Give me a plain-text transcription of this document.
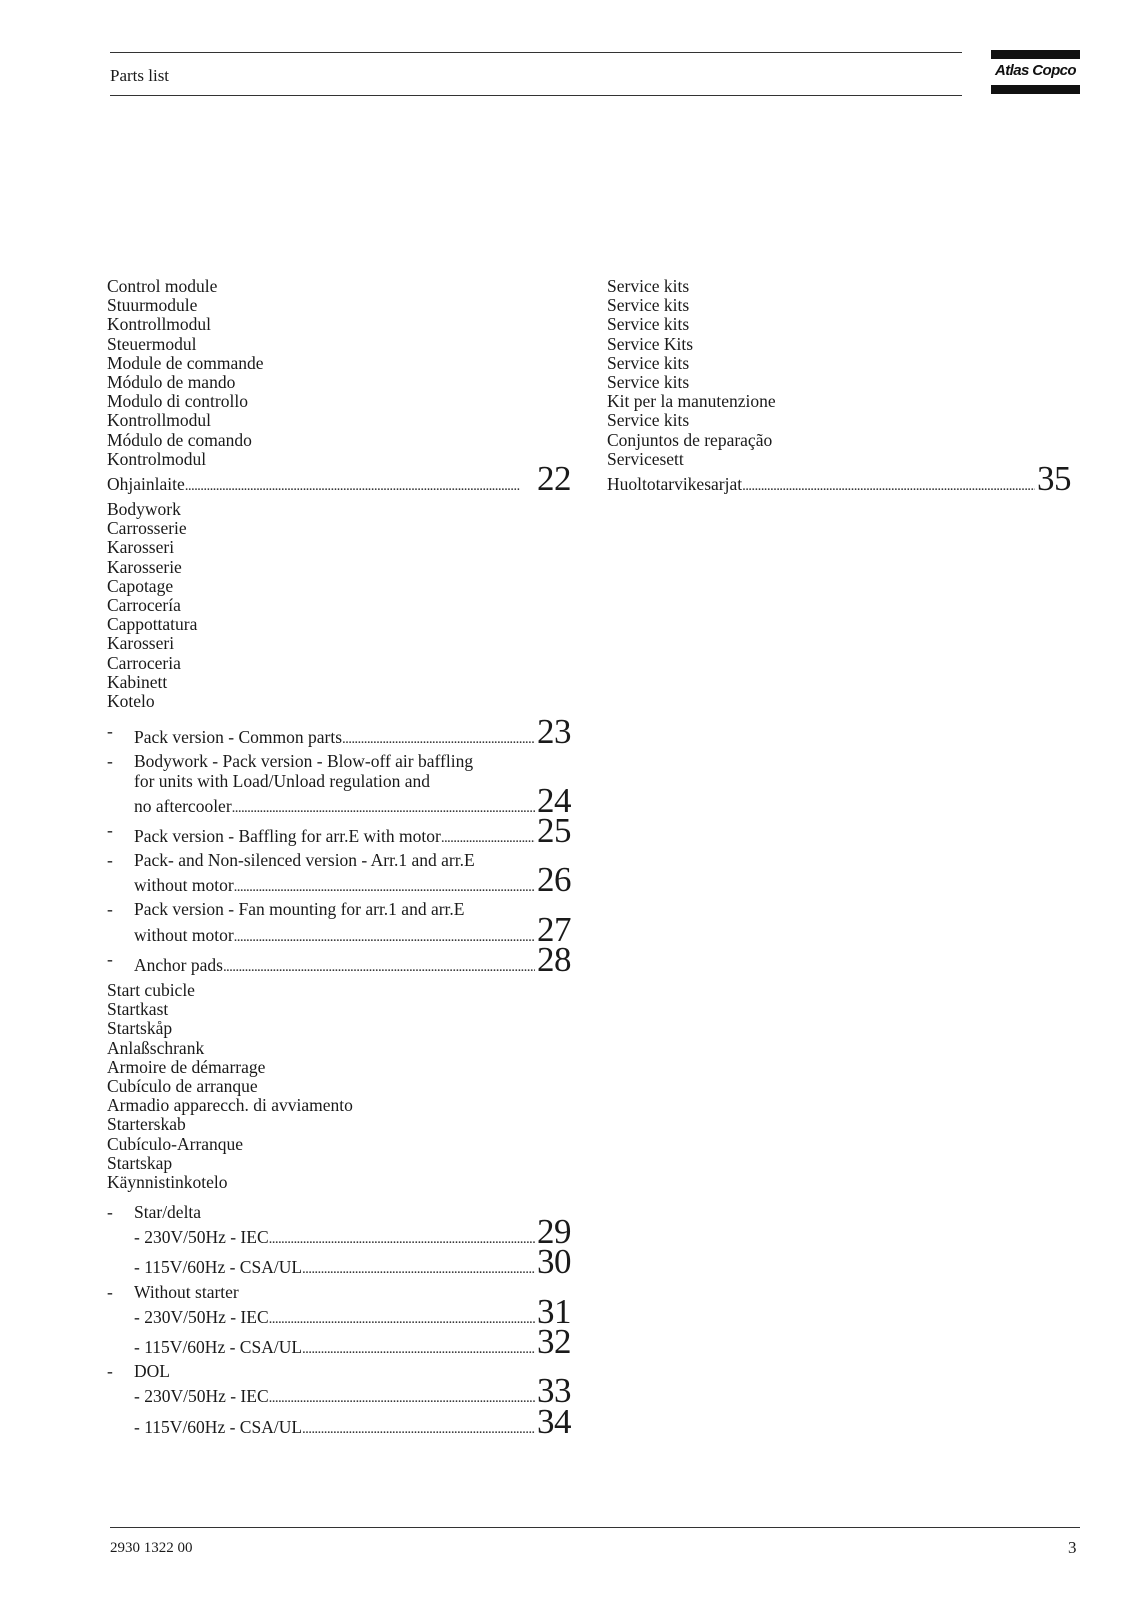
Parts list	Atlas Copco
Control module
Stuurmodule
Kontrollmodul
Steuermodul
Module de commande
Módulo de mando
Modulo di controllo
Kontrollmodul
Módulo de comando
Kontrolmodul
Ohjainlaite . . .	22
Bodywork
Carrosserie
Karosseri
Karosserie
Capotage
Carrocería
Cappottatura
Karosseri
Carroceria
Kabinett
Kotelo
- Pack version - Common parts . . .	23
- Bodywork - Pack version - Blow-off air baffling
for units with Load/Unload regulation and
no aftercooler . . .	24
- Pack version - Baffling for arr.E with motor . . .	25
- Pack- and Non-silenced version - Arr.1 and arr.E
without motor . . .	26
- Pack version - Fan mounting for arr.1 and arr.E
without motor . . .	27
- Anchor pads . . .	28
Start cubicle
Startkast
Startskåp
Anlaßschrank
Armoire de démarrage
Cubículo de arranque
Armadio apparecch. di avviamento
Starterskab
Cubículo-Arranque
Startskap
Käynnistinkotelo
- Star/delta
- 230V/50Hz - IEC . . .	29
- 115V/60Hz - CSA/UL . . .	30
- Without starter
- 230V/50Hz - IEC . . .	31
- 115V/60Hz - CSA/UL . . .	32
- DOL
- 230V/50Hz - IEC . . .	33
- 115V/60Hz - CSA/UL . . .	34
Service kits
Service kits
Service kits
Service Kits
Service kits
Service kits
Kit per la manutenzione
Service kits
Conjuntos de reparação
Servicesett
Huoltotarvikesarjat . . .	35
2930 1322 00	3
